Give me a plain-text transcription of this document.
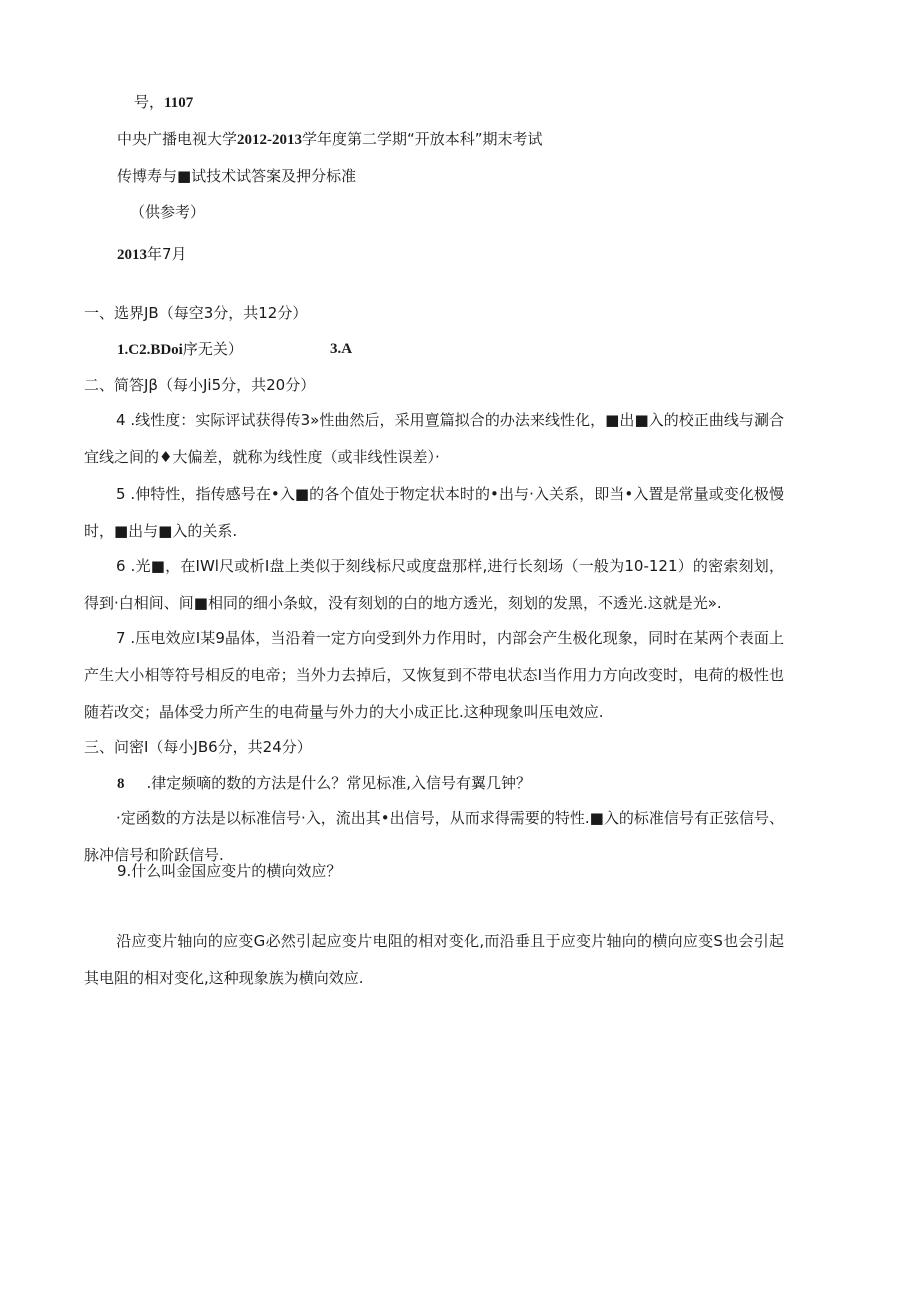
号，1107
中央广播电视大学2012-2013学年度第二学期“开放本科”期末考试
传博寿与■试技术试答案及押分标准
（供参考）
2013年7月
一、选界JB（每空3分，共12分）
1.C2.BDoi序无关）	3.A
二、简答Jβ（每小Ji5分，共20分）
4 .线性度：实际评试获得传3»性曲然后，采用亶篇拟合的办法来线性化，■出■入的校正曲线与涮合宜线之间的♦大偏差，就称为线性度（或非线性误差）·
5 .伸特性，指传感号在•入■的各个值处于物定状本时的•出与·入关系，即当•入置是常量或变化极慢时，■出与■入的关系.
6 .光■，在IWl尺或析I盘上类似于刻线标尺或度盘那样,进行长刻场（一般为10-121）的密索刻划，得到·白相间、间■相同的细小条蚊，没有刻划的白的地方透光，刻划的发黑，不透光.这就是光».
7 .压电效应I某9晶体，当沿着一定方向受到外力作用时，内部会产生极化现象，同时在某两个表面上产生大小相等符号相反的电帝；当外力去掉后，又恢复到不带电状态I当作用力方向改变时，电荷的极性也随若改交；晶体受力所产生的电荷量与外力的大小成正比.这种现象叫压电效应.
三、问密I（每小JB6分，共24分）
8 .律定频嘀的数的方法是什么？常见标准,入信号有翼几钟？
·定函数的方法是以标准信号·入，流出其•出信号，从而求得需要的特性.■入的标准信号有正弦信号、脉冲信号和阶跃信号.
9.什么叫金国应变片的横向效应？
沿应变片轴向的应变G必然引起应变片电阻的相对变化,而沿垂且于应变片轴向的横向应变S也会引起其电阻的相对变化,这种现象族为横向效应.
